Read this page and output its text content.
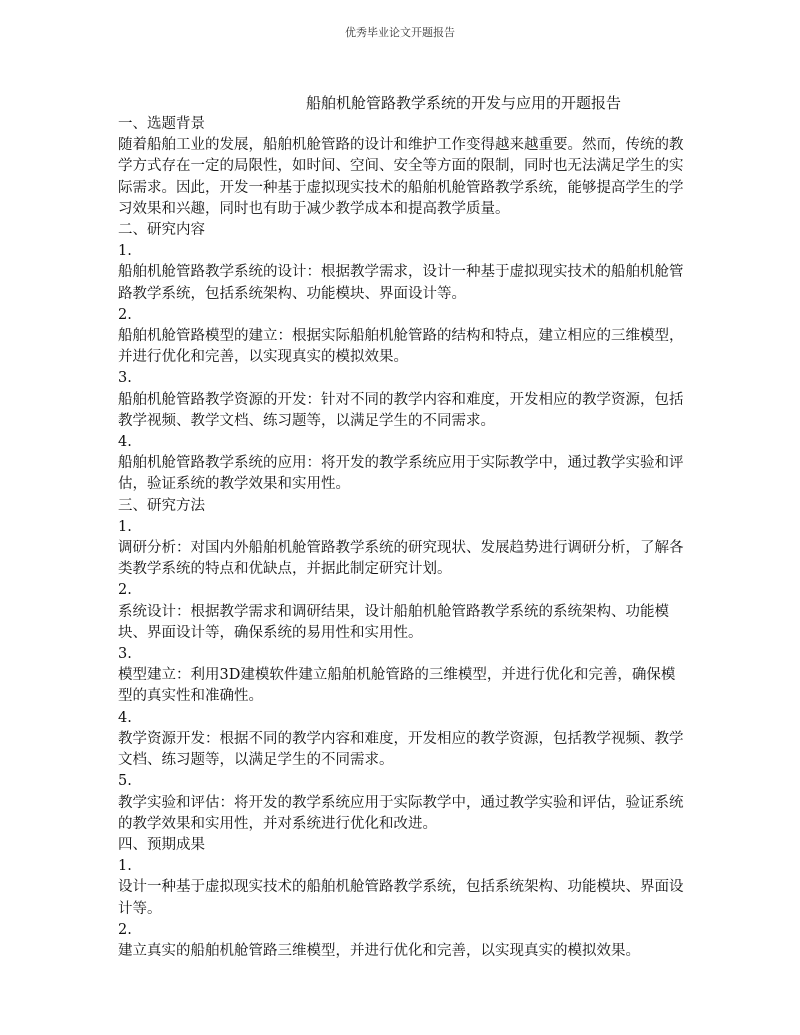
优秀毕业论文开题报告
船舶机舱管路教学系统的开发与应用的开题报告

一、选题背景

随着船舶工业的发展，船舶机舱管路的设计和维护工作变得越来越重要。然而，传统的教学方式存在一定的局限性，如时间、空间、安全等方面的限制，同时也无法满足学生的实际需求。因此，开发一种基于虚拟现实技术的船舶机舱管路教学系统，能够提高学生的学习效果和兴趣，同时也有助于减少教学成本和提高教学质量。

二、研究内容

1.

船舶机舱管路教学系统的设计：根据教学需求，设计一种基于虚拟现实技术的船舶机舱管路教学系统，包括系统架构、功能模块、界面设计等。

2.

船舶机舱管路模型的建立：根据实际船舶机舱管路的结构和特点，建立相应的三维模型，并进行优化和完善，以实现真实的模拟效果。

3.

船舶机舱管路教学资源的开发：针对不同的教学内容和难度，开发相应的教学资源，包括教学视频、教学文档、练习题等，以满足学生的不同需求。

4.

船舶机舱管路教学系统的应用：将开发的教学系统应用于实际教学中，通过教学实验和评估，验证系统的教学效果和实用性。

三、研究方法

1.

调研分析：对国内外船舶机舱管路教学系统的研究现状、发展趋势进行调研分析，了解各类教学系统的特点和优缺点，并据此制定研究计划。

2.

系统设计：根据教学需求和调研结果，设计船舶机舱管路教学系统的系统架构、功能模块、界面设计等，确保系统的易用性和实用性。

3.

模型建立：利用3D建模软件建立船舶机舱管路的三维模型，并进行优化和完善，确保模型的真实性和准确性。

4.

教学资源开发：根据不同的教学内容和难度，开发相应的教学资源，包括教学视频、教学文档、练习题等，以满足学生的不同需求。

5.

教学实验和评估：将开发的教学系统应用于实际教学中，通过教学实验和评估，验证系统的教学效果和实用性，并对系统进行优化和改进。

四、预期成果

1.

设计一种基于虚拟现实技术的船舶机舱管路教学系统，包括系统架构、功能模块、界面设计等。

2.

建立真实的船舶机舱管路三维模型，并进行优化和完善，以实现真实的模拟效果。
